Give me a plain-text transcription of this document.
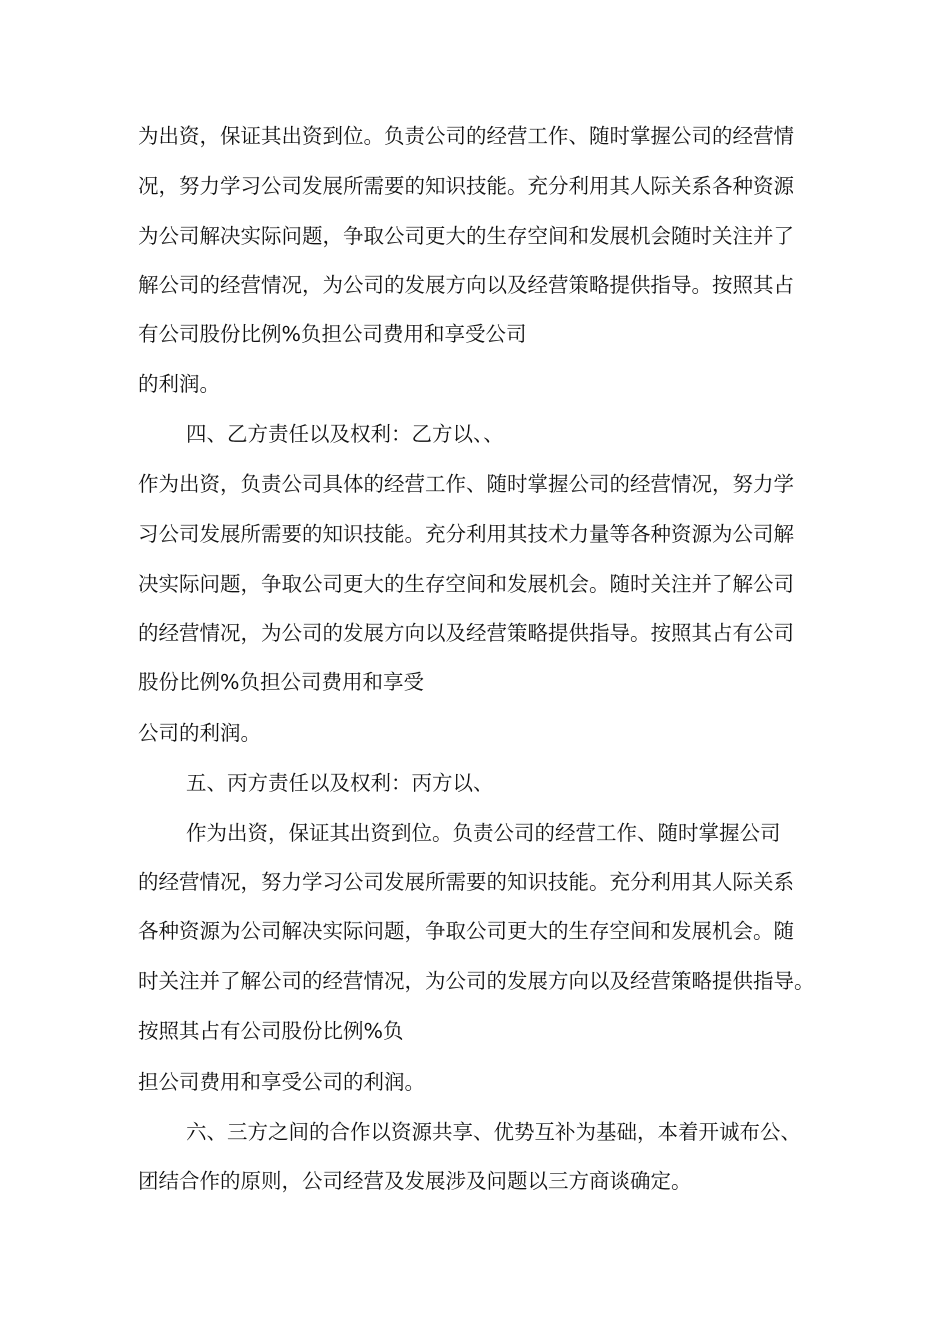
为出资，保证其出资到位。负责公司的经营工作、随时掌握公司的经营情
况，努力学习公司发展所需要的知识技能。充分利用其人际关系各种资源
为公司解决实际问题，争取公司更大的生存空间和发展机会随时关注并了
解公司的经营情况，为公司的发展方向以及经营策略提供指导。按照其占
有公司股份比例%负担公司费用和享受公司
的利润。
四、乙方责任以及权利：乙方以、、
作为出资，负责公司具体的经营工作、随时掌握公司的经营情况，努力学
习公司发展所需要的知识技能。充分利用其技术力量等各种资源为公司解
决实际问题，争取公司更大的生存空间和发展机会。随时关注并了解公司
的经营情况，为公司的发展方向以及经营策略提供指导。按照其占有公司
股份比例%负担公司费用和享受
公司的利润。
五、丙方责任以及权利：丙方以、
作为出资，保证其出资到位。负责公司的经营工作、随时掌握公司
的经营情况，努力学习公司发展所需要的知识技能。充分利用其人际关系
各种资源为公司解决实际问题，争取公司更大的生存空间和发展机会。随
时关注并了解公司的经营情况，为公司的发展方向以及经营策略提供指导。
按照其占有公司股份比例%负
担公司费用和享受公司的利润。
六、三方之间的合作以资源共享、优势互补为基础，本着开诚布公、
团结合作的原则，公司经营及发展涉及问题以三方商谈确定。
